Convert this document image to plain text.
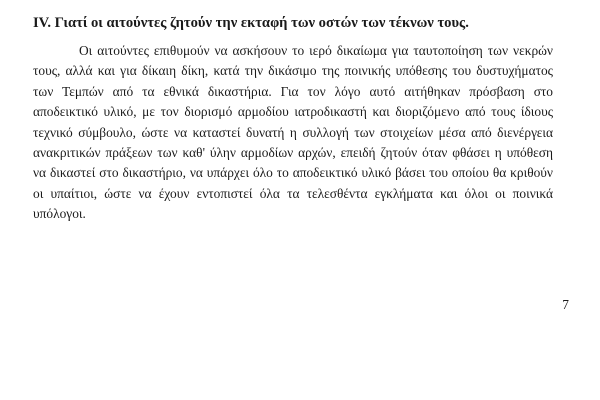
IV. Γιατί οι αιτούντες ζητούν την εκταφή των οστών των τέκνων τους.
Οι αιτούντες επιθυμούν να ασκήσουν το ιερό δικαίωμα για ταυτοποίηση των νεκρών
τους, αλλά και για δίκαιη δίκη, κατά την δικάσιμο της ποινικής υπόθεσης του δυστυχήματος
των Τεμπών από τα εθνικά δικαστήρια. Για τον λόγο αυτό αιτήθηκαν πρόσβαση στο
αποδεικτικό υλικό, με τον διορισμό αρμοδίου ιατροδικαστή και διοριζόμενο από τους ίδιους
τεχνικό σύμβουλο, ώστε να καταστεί δυνατή η συλλογή των στοιχείων μέσα από διενέργεια
ανακριτικών πράξεων των καθ' ύλην αρμοδίων αρχών, επειδή ζητούν όταν φθάσει η υπόθεση
να δικαστεί στο δικαστήριο, να υπάρχει όλο το αποδεικτικό υλικό βάσει του οποίου θα κριθούν
οι υπαίτιοι, ώστε να έχουν εντοπιστεί όλα τα τελεσθέντα εγκλήματα και όλοι οι ποινικά
υπόλογοι.
7
